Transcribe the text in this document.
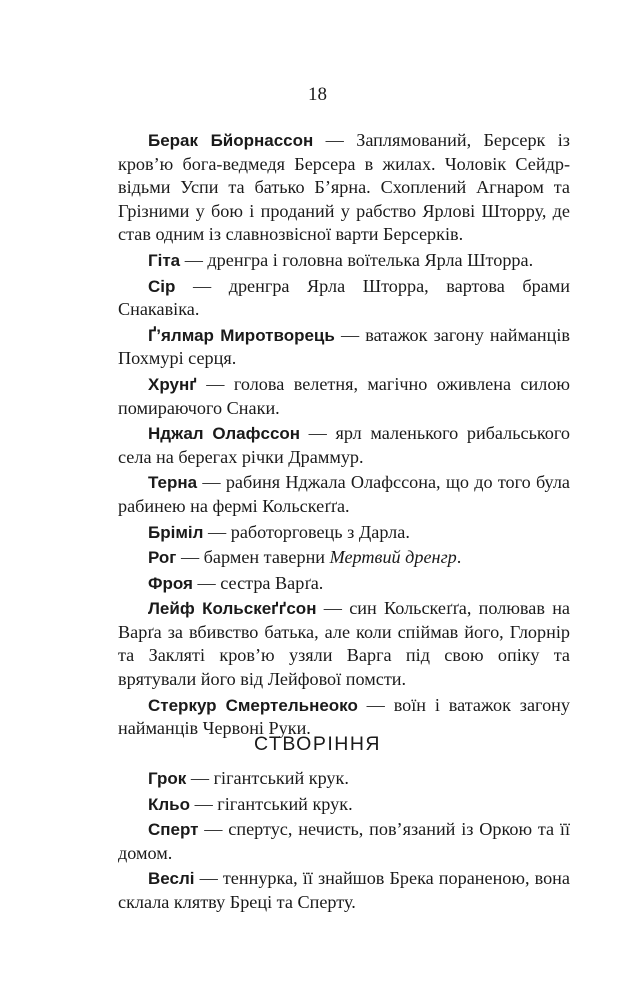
18

Берак Бйорнассон — Заплямований, Берсерк із кров’ю бога-ведмедя Берсера в жилах. Чоловік Сейдр-відьми Успи та батько Б’ярна. Схоплений Агнаром та Грізними у бою і проданий у рабство Ярлові Шторру, де став одним із славнозвісної варти Берсерків.

Гіта — дренгра і головна воїтелька Ярла Шторра.

Сір — дренгра Ярла Шторра, вартова брами Снакавіка.

Ґ’ялмар Миротворець — ватажок загону найманців Похмурі серця.

Хрунґ — голова велетня, магічно оживлена силою помираючого Снаки.

Нджал Олафссон — ярл маленького рибальського села на берегах річки Драммур.

Терна — рабиня Нджала Олафссона, що до того була рабинею на фермі Кольскеґґа.

Бріміл — работорговець з Дарла.

Рог — бармен таверни Мертвий дренгр.

Фроя — сестра Варґа.

Лейф Кольскеґґсон — син Кольскеґґа, полював на Варґа за вбивство батька, але коли спіймав його, Глорнір та Закляті кров’ю узяли Варга під свою опіку та врятували його від Лейфової помсти.

Стеркур Смертельнеоко — воїн і ватажок загону найманців Червоні Руки.

СТВОРІННЯ

Грок — гігантський крук.

Кльо — гігантський крук.

Сперт — спертус, нечисть, пов’язаний із Оркою та її домом.

Веслі — теннурка, її знайшов Брека пораненою, вона склала клятву Бреці та Сперту.
